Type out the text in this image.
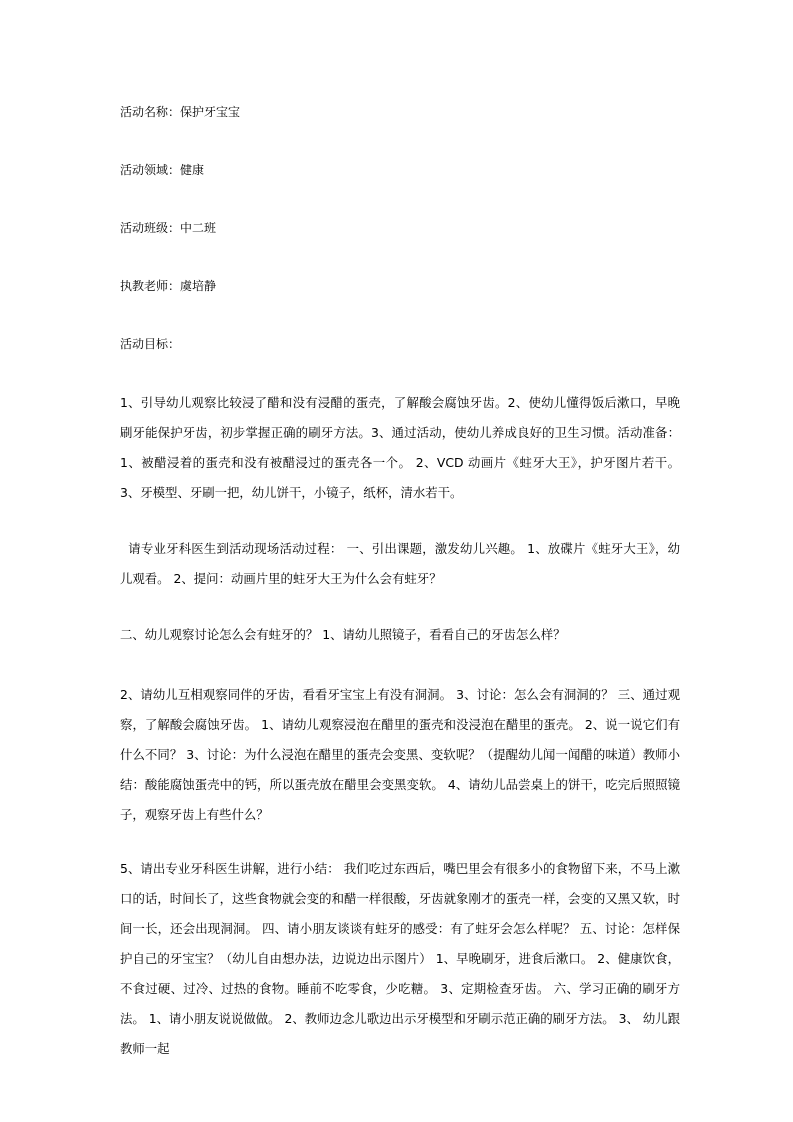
活动名称：保护牙宝宝
活动领域：健康
活动班级：中二班
执教老师：虞培静
活动目标：
1、引导幼儿观察比较浸了醋和没有浸醋的蛋壳，了解酸会腐蚀牙齿。2、使幼儿懂得饭后漱口，早晚刷牙能保护牙齿，初步掌握正确的刷牙方法。3、通过活动，使幼儿养成良好的卫生习惯。活动准备： 1、被醋浸着的蛋壳和没有被醋浸过的蛋壳各一个。 2、VCD 动画片《蛀牙大王》，护牙图片若干。 3、牙模型、牙刷一把，幼儿饼干，小镜子，纸杯，清水若干。
请专业牙科医生到活动现场活动过程： 一、引出课题，激发幼儿兴趣。 1、放碟片《蛀牙大王》，幼儿观看。 2、提问：动画片里的蛀牙大王为什么会有蛀牙？
二、幼儿观察讨论怎么会有蛀牙的？ 1、请幼儿照镜子，看看自己的牙齿怎么样？
2、请幼儿互相观察同伴的牙齿，看看牙宝宝上有没有洞洞。 3、讨论：怎么会有洞洞的？ 三、通过观察，了解酸会腐蚀牙齿。 1、请幼儿观察浸泡在醋里的蛋壳和没浸泡在醋里的蛋壳。 2、说一说它们有什么不同？ 3、讨论：为什么浸泡在醋里的蛋壳会变黑、变软呢？（提醒幼儿闻一闻醋的味道）教师小结：酸能腐蚀蛋壳中的钙，所以蛋壳放在醋里会变黑变软。 4、请幼儿品尝桌上的饼干，吃完后照照镜子，观察牙齿上有些什么？
5、请出专业牙科医生讲解，进行小结： 我们吃过东西后，嘴巴里会有很多小的食物留下来，不马上漱口的话，时间长了，这些食物就会变的和醋一样很酸，牙齿就象刚才的蛋壳一样，会变的又黑又软，时间一长，还会出现洞洞。 四、请小朋友谈谈有蛀牙的感受：有了蛀牙会怎么样呢？ 五、讨论：怎样保护自己的牙宝宝？（幼儿自由想办法，边说边出示图片） 1、早晚刷牙，进食后漱口。 2、健康饮食，不食过硬、过冷、过热的食物。睡前不吃零食，少吃糖。 3、定期检查牙齿。 六、学习正确的刷牙方法。 1、请小朋友说说做做。 2、教师边念儿歌边出示牙模型和牙刷示范正确的刷牙方法。 3、 幼儿跟教师一起
